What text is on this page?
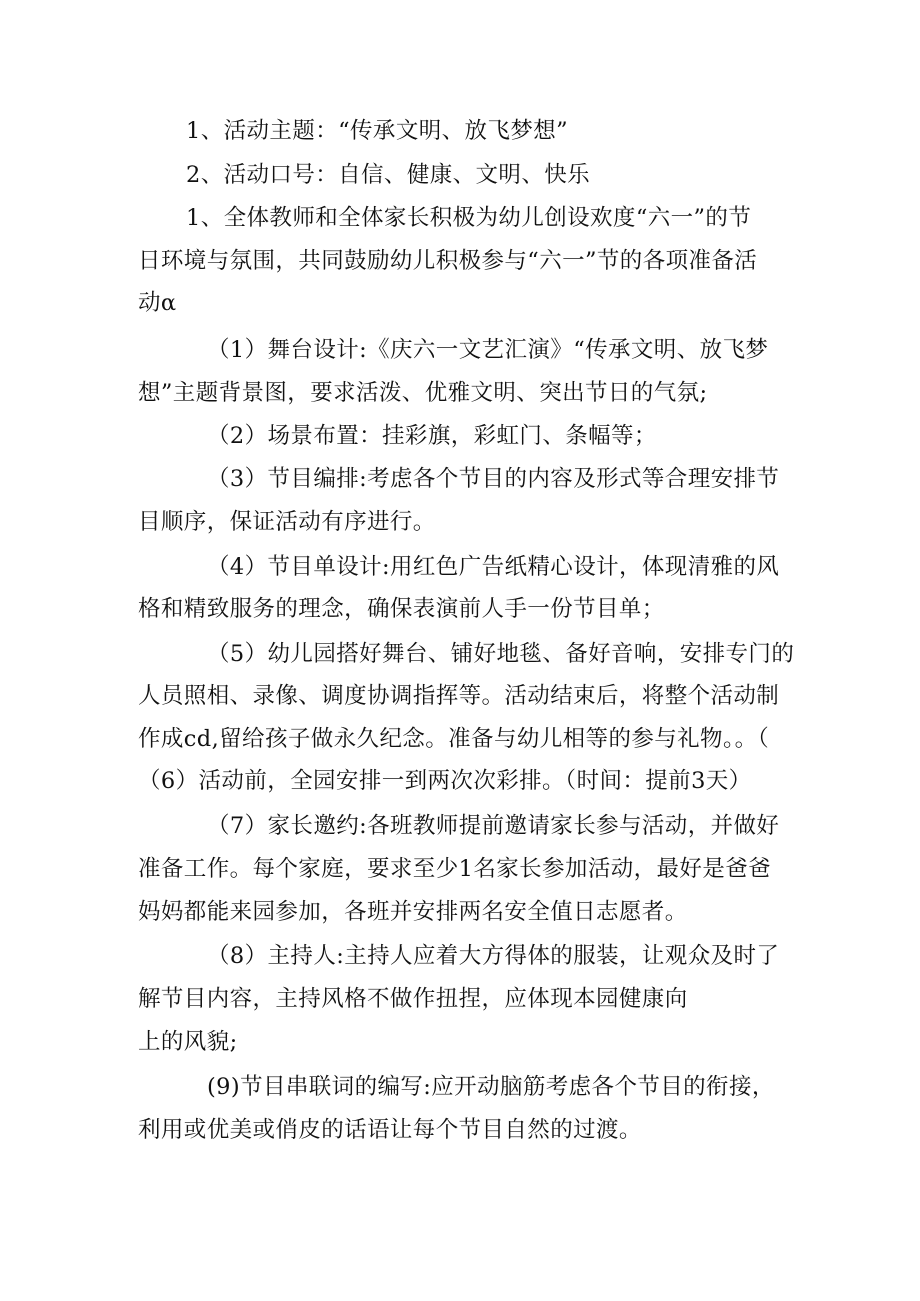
1、活动主题：“传承文明、放飞梦想”
2、活动口号：自信、健康、文明、快乐
1、全体教师和全体家长积极为幼儿创设欢度“六一”的节
日环境与氛围，共同鼓励幼儿积极参与“六一”节的各项准备活
动α
（1）舞台设计:《庆六一文艺汇演》“传承文明、放飞梦
想”主题背景图，要求活泼、优雅文明、突出节日的气氛;
（2）场景布置：挂彩旗，彩虹门、条幅等；
（3）节目编排:考虑各个节目的内容及形式等合理安排节
目顺序，保证活动有序进行。
（4）节目单设计:用红色广告纸精心设计，体现清雅的风
格和精致服务的理念，确保表演前人手一份节目单；
（5）幼儿园搭好舞台、铺好地毯、备好音响，安排专门的
人员照相、录像、调度协调指挥等。活动结束后，将整个活动制
作成cd,留给孩子做永久纪念。准备与幼儿相等的参与礼物。。（
（6）活动前，全园安排一到两次次彩排。（时间：提前3天）
（7）家长邀约:各班教师提前邀请家长参与活动，并做好
准备工作。每个家庭，要求至少1名家长参加活动，最好是爸爸
妈妈都能来园参加，各班并安排两名安全值日志愿者。
（8）主持人:主持人应着大方得体的服装，让观众及时了
解节目内容，主持风格不做作扭捏，应体现本园健康向
上的风貌;
(9)节目串联词的编写:应开动脑筋考虑各个节目的衔接，
利用或优美或俏皮的话语让每个节目自然的过渡。
